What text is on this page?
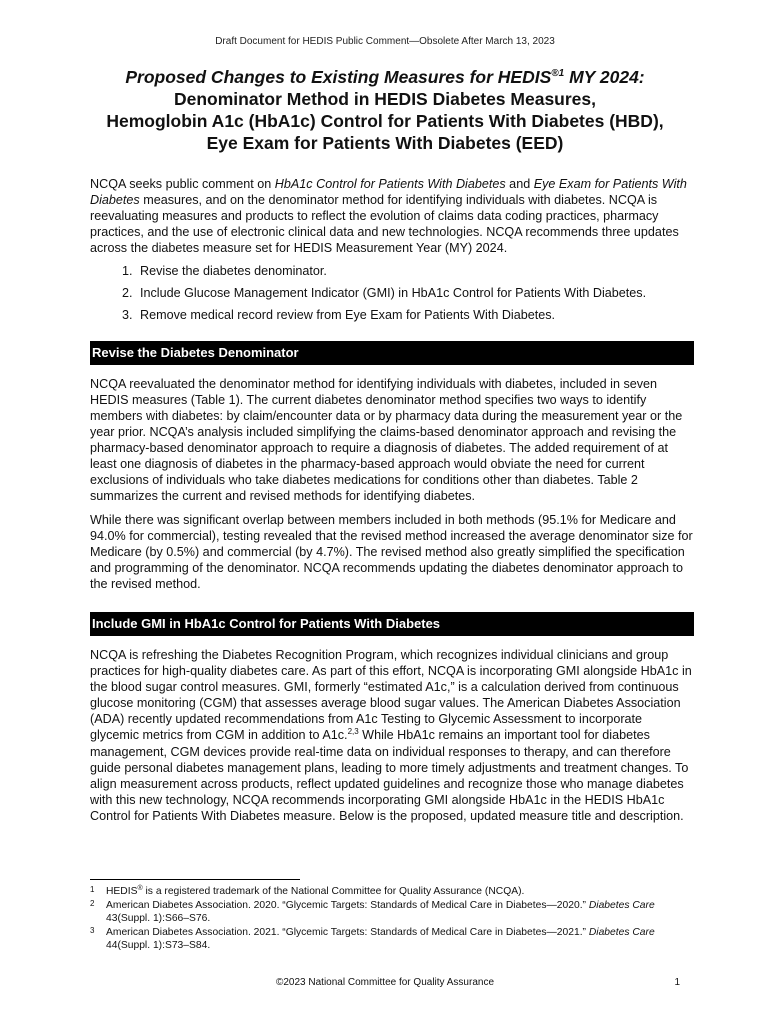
Draft Document for HEDIS Public Comment—Obsolete After March 13, 2023
Proposed Changes to Existing Measures for $HEDIS^{®1}$ MY 2024:
Denominator Method in HEDIS Diabetes Measures,
Hemoglobin A1c (HbA1c) Control for Patients With Diabetes (HBD),
Eye Exam for Patients With Diabetes (EED)

NCQA seeks public comment on HbA1c Control for Patients With Diabetes and Eye Exam for Patients With Diabetes measures, and on the denominator method for identifying individuals with diabetes. NCQA is reevaluating measures and products to reflect the evolution of claims data coding practices, pharmacy practices, and the use of electronic clinical data and new technologies. NCQA recommends three updates across the diabetes measure set for HEDIS Measurement Year (MY) 2024.

1. Revise the diabetes denominator.
2. Include Glucose Management Indicator (GMI) in HbA1c Control for Patients With Diabetes.
3. Remove medical record review from Eye Exam for Patients With Diabetes.
Revise the Diabetes Denominator

NCQA reevaluated the denominator method for identifying individuals with diabetes, included in seven HEDIS measures (Table 1). The current diabetes denominator method specifies two ways to identify members with diabetes: by claim/encounter data or by pharmacy data during the measurement year or the year prior. NCQA’s analysis included simplifying the claims-based denominator approach and revising the pharmacy-based denominator approach to require a diagnosis of diabetes. The added requirement of at least one diagnosis of diabetes in the pharmacy-based approach would obviate the need for current exclusions of individuals who take diabetes medications for conditions other than diabetes. Table 2 summarizes the current and revised methods for identifying diabetes.

While there was significant overlap between members included in both methods (95.1% for Medicare and 94.0% for commercial), testing revealed that the revised method increased the average denominator size for Medicare (by 0.5%) and commercial (by 4.7%). The revised method also greatly simplified the specification and programming of the denominator. NCQA recommends updating the diabetes denominator approach to the revised method.

Include GMI in HbA1c Control for Patients With Diabetes

NCQA is refreshing the Diabetes Recognition Program, which recognizes individual clinicians and group practices for high-quality diabetes care. As part of this effort, NCQA is incorporating GMI alongside HbA1c in the blood sugar control measures. GMI, formerly “estimated A1c,” is a calculation derived from continuous glucose monitoring (CGM) that assesses average blood sugar values. The American Diabetes Association (ADA) recently updated recommendations from A1c Testing to Glycemic Assessment to incorporate glycemic metrics from CGM in addition to A1c.$^{2,3}$ While HbA1c remains an important tool for diabetes management, CGM devices provide real-time data on individual responses to therapy, and can therefore guide personal diabetes management plans, leading to more timely adjustments and treatment changes. To align measurement across products, reflect updated guidelines and recognize those who manage diabetes with this new technology, NCQA recommends incorporating GMI alongside HbA1c in the HEDIS HbA1c Control for Patients With Diabetes measure. Below is the proposed, updated measure title and description.

1 HEDIS® is a registered trademark of the National Committee for Quality Assurance (NCQA).
2 American Diabetes Association. 2020. “Glycemic Targets: Standards of Medical Care in Diabetes—2020.” Diabetes Care 43(Suppl. 1):S66–S76.
3 American Diabetes Association. 2021. “Glycemic Targets: Standards of Medical Care in Diabetes—2021.” Diabetes Care 44(Suppl. 1):S73–S84.
©2023 National Committee for Quality Assurance	1
